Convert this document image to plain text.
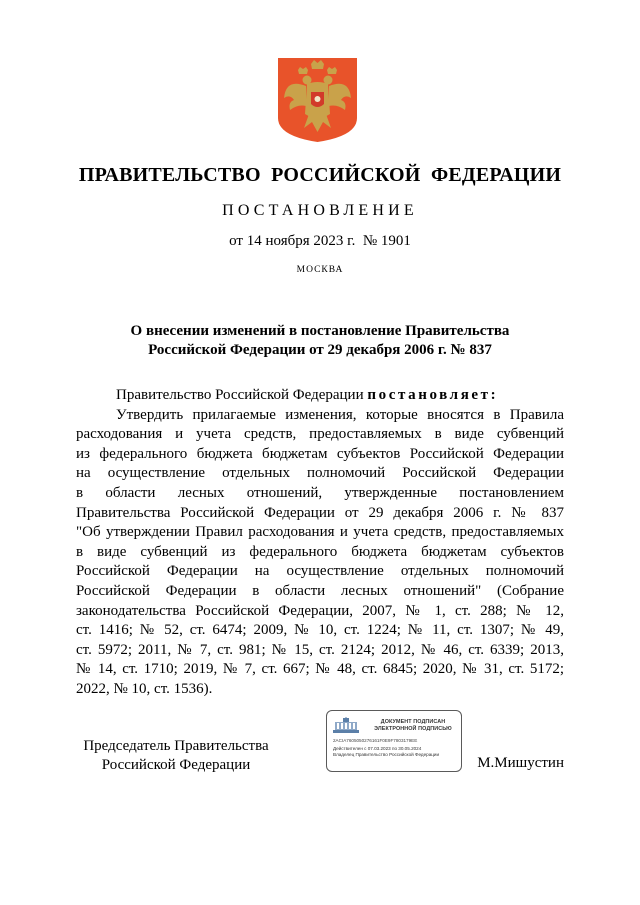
ПРАВИТЕЛЬСТВО  РОССИЙСКОЙ  ФЕДЕРАЦИИ
ПОСТАНОВЛЕНИЕ
от 14 ноября 2023 г.  № 1901
МОСКВА
О внесении изменений в постановление Правительства
Российской Федерации от 29 декабря 2006 г. № 837
Правительство Российской Федерации постановляет:
Утвердить прилагаемые изменения, которые вносятся в Правила
расходования и учета средств, предоставляемых в виде субвенций
из федерального бюджета бюджетам субъектов Российской Федерации
на осуществление отдельных полномочий Российской Федерации
в области лесных отношений, утвержденные постановлением
Правительства Российской Федерации от 29 декабря 2006 г. № 837
"Об утверждении Правил расходования и учета средств, предоставляемых
в виде субвенций из федерального бюджета бюджетам субъектов
Российской Федерации на осуществление отдельных полномочий
Российской Федерации в области лесных отношений" (Собрание
законодательства Российской Федерации, 2007, № 1, ст. 288; № 12,
ст. 1416; № 52, ст. 6474; 2009, № 10, ст. 1224; № 11, ст. 1307; № 49,
ст. 5972; 2011, № 7, ст. 981; № 15, ст. 2124; 2012, № 46, ст. 6339; 2013,
№ 14, ст. 1710; 2019, № 7, ст. 667; № 48, ст. 6845; 2020, № 31, ст. 5172;
2022, № 10, ст. 1536).
Председатель Правительства
Российской Федерации
ДОКУМЕНТ ПОДПИСАН
ЭЛЕКТРОННОЙ ПОДПИСЬЮ
2ACIA7605050276161F0E9F7803179EE
Действителен с 07.03.2023 по 30.05.2024
Владелец Правительство Российской Федерации
М.Мишустин
